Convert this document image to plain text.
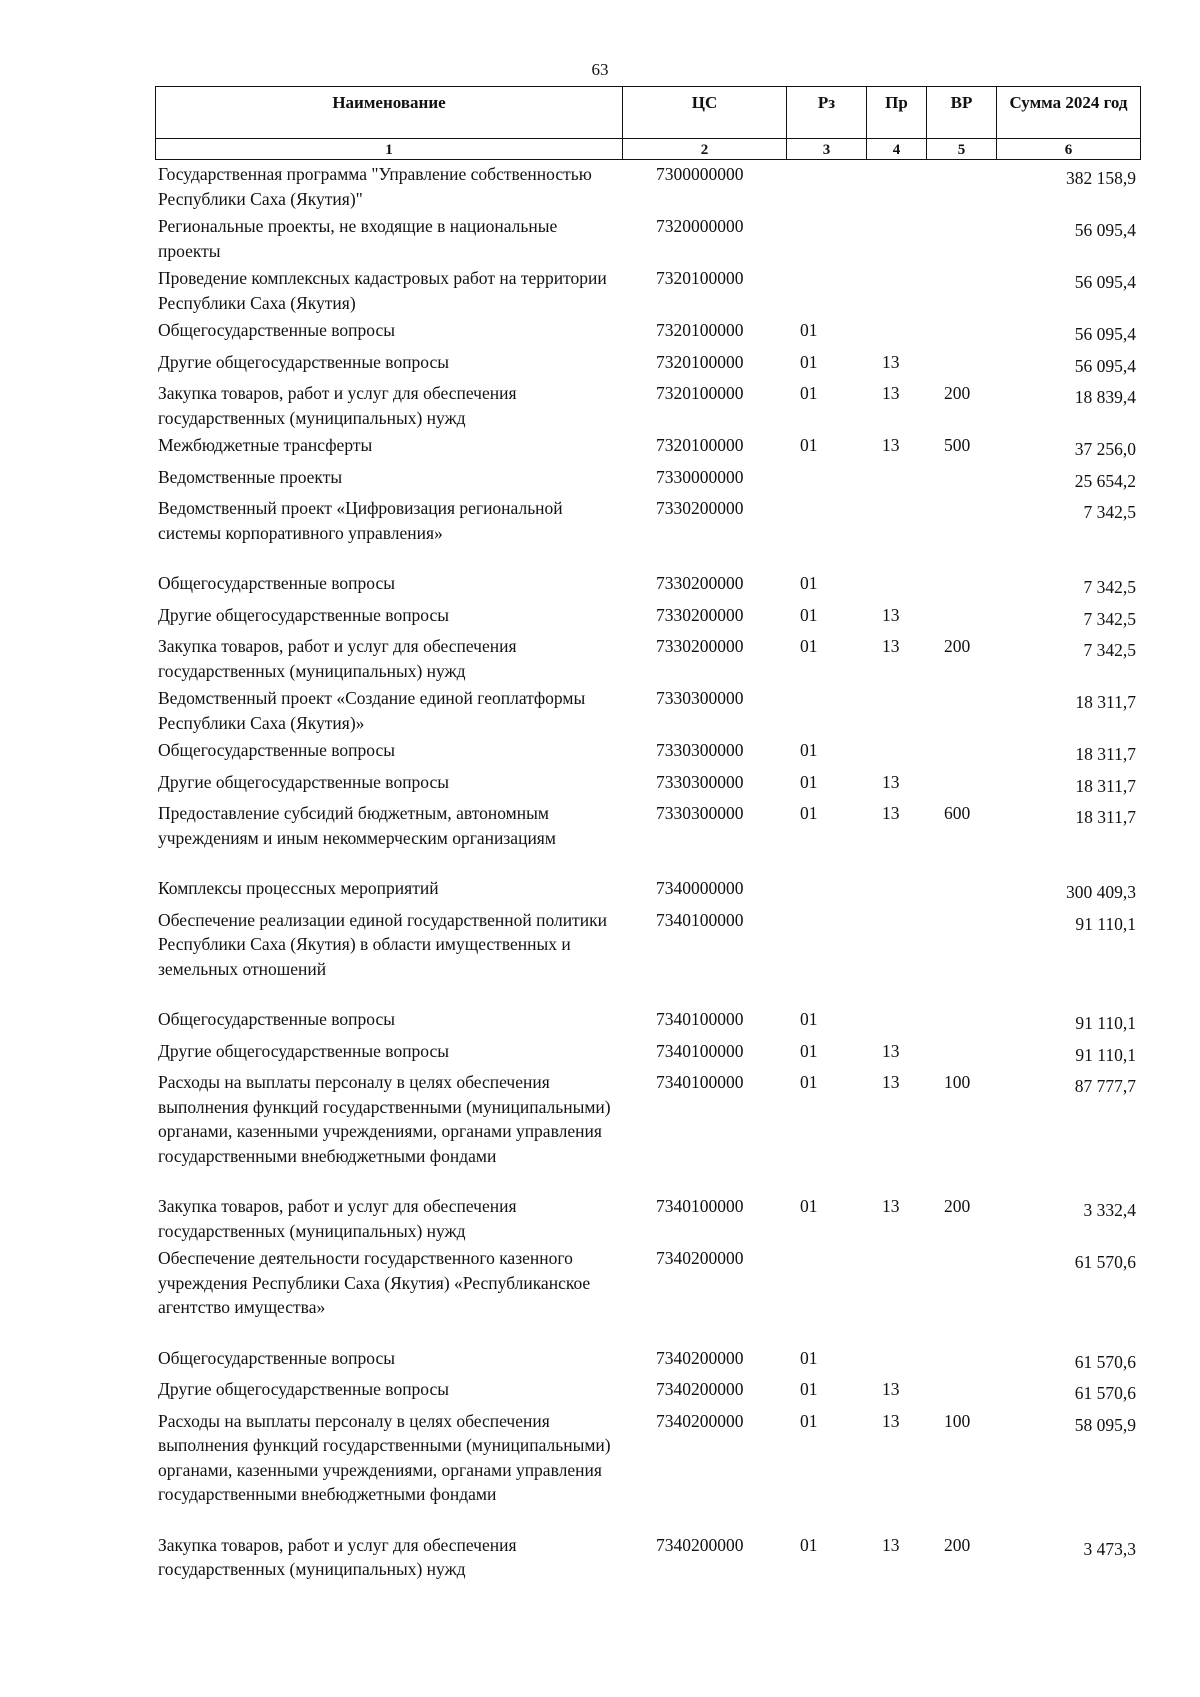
63
Наименование	ЦС	Рз	Пр	ВР	Сумма 2024 год
1	2	3	4	5	6
Государственная программа "Управление собственностью Республики Саха (Якутия)"	7300000000				382 158,9
Региональные проекты, не входящие в национальные проекты	7320000000				56 095,4
Проведение комплексных кадастровых работ на территории Республики Саха (Якутия)	7320100000				56 095,4
Общегосударственные вопросы	7320100000	01			56 095,4
Другие общегосударственные вопросы	7320100000	01	13		56 095,4
Закупка товаров, работ и услуг для обеспечения государственных (муниципальных) нужд	7320100000	01	13	200	18 839,4
Межбюджетные трансферты	7320100000	01	13	500	37 256,0
Ведомственные проекты	7330000000				25 654,2
Ведомственный проект «Цифровизация региональной системы корпоративного управления»	7330200000				7 342,5
Общегосударственные вопросы	7330200000	01			7 342,5
Другие общегосударственные вопросы	7330200000	01	13		7 342,5
Закупка товаров, работ и услуг для обеспечения государственных (муниципальных) нужд	7330200000	01	13	200	7 342,5
Ведомственный проект «Создание единой геоплатформы Республики Саха (Якутия)»	7330300000				18 311,7
Общегосударственные вопросы	7330300000	01			18 311,7
Другие общегосударственные вопросы	7330300000	01	13		18 311,7
Предоставление субсидий бюджетным, автономным учреждениям и иным некоммерческим организациям	7330300000	01	13	600	18 311,7
Комплексы процессных мероприятий	7340000000				300 409,3
Обеспечение реализации единой государственной политики Республики Саха (Якутия) в области имущественных и земельных отношений	7340100000				91 110,1
Общегосударственные вопросы	7340100000	01			91 110,1
Другие общегосударственные вопросы	7340100000	01	13		91 110,1
Расходы на выплаты персоналу в целях обеспечения выполнения функций государственными (муниципальными) органами, казенными учреждениями, органами управления государственными внебюджетными фондами	7340100000	01	13	100	87 777,7
Закупка товаров, работ и услуг для обеспечения государственных (муниципальных) нужд	7340100000	01	13	200	3 332,4
Обеспечение деятельности государственного казенного учреждения Республики Саха (Якутия) «Республиканское агентство имущества»	7340200000				61 570,6
Общегосударственные вопросы	7340200000	01			61 570,6
Другие общегосударственные вопросы	7340200000	01	13		61 570,6
Расходы на выплаты персоналу в целях обеспечения выполнения функций государственными (муниципальными) органами, казенными учреждениями, органами управления государственными внебюджетными фондами	7340200000	01	13	100	58 095,9
Закупка товаров, работ и услуг для обеспечения государственных (муниципальных) нужд	7340200000	01	13	200	3 473,3
